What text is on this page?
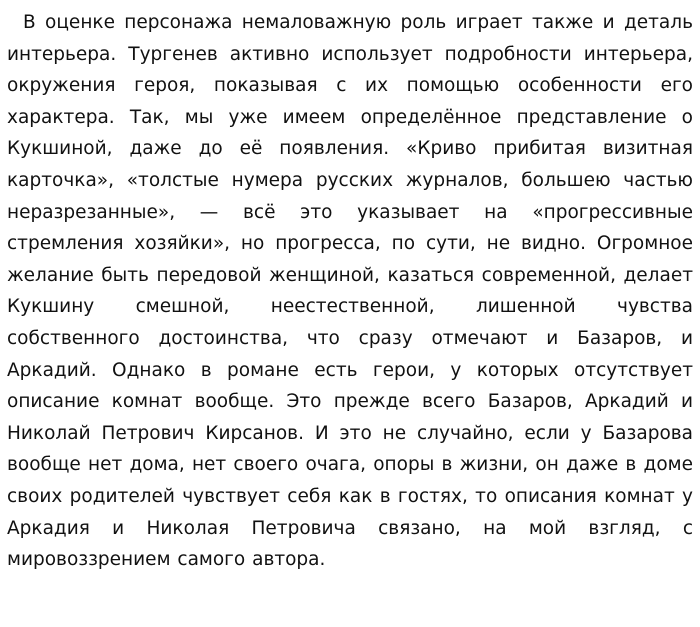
В оценке персонажа немаловажную роль играет также и деталь интерьера. Тургенев активно использует подробности интерьера, окружения героя, показывая с их помощью особенности его характера. Так, мы уже имеем определённое представление о Кукшиной, даже до её появления. «Криво прибитая визитная карточка», «толстые нумера русских журналов, большею частью неразрезанные», — всё это указывает на «прогрессивные стремления хозяйки», но прогресса, по сути, не видно. Огромное желание быть передовой женщиной, казаться современной, делает Кукшину смешной, неестественной, лишенной чувства собственного достоинства, что сразу отмечают и Базаров, и Аркадий. Однако в романе есть герои, у которых отсутствует описание комнат вообще. Это прежде всего Базаров, Аркадий и Николай Петрович Кирсанов. И это не случайно, если у Базарова вообще нет дома, нет своего очага, опоры в жизни, он даже в доме своих родителей чувствует себя как в гостях, то описания комнат у Аркадия и Николая Петровича связано, на мой взгляд, с мировоззрением самого автора.
